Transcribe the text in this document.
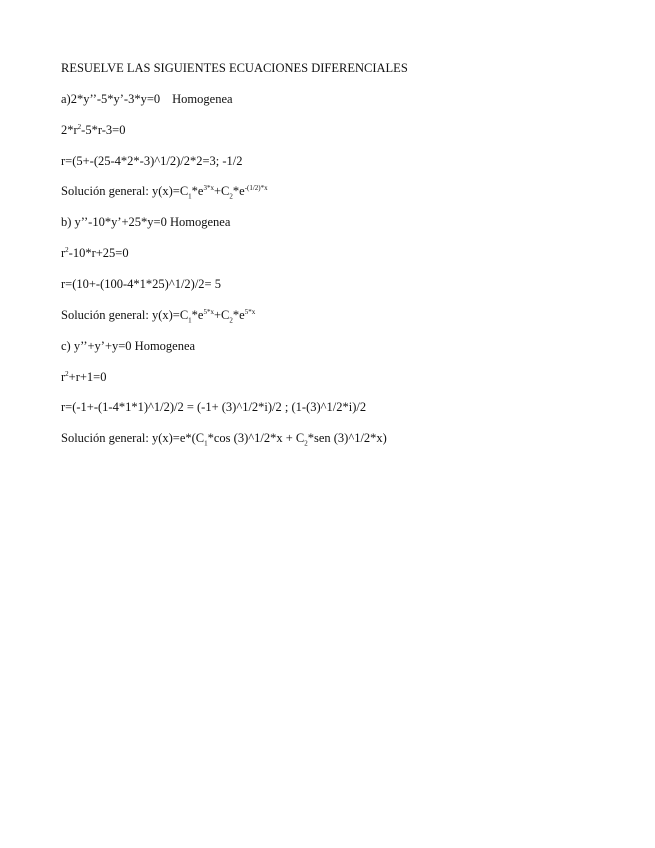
RESUELVE LAS SIGUIENTES ECUACIONES DIFERENCIALES
a)2*y’’-5*y’-3*y=0 Homogenea
$2*r^2-5*r-3=0$
r=(5+-(25-4*2*-3)^1/2)/2*2=3; -1/2
Solución general: $y(x)=C_1*e^{3*x}+C_2*e^{-(1/2)*x}$
b) y’’-10*y’+25*y=0 Homogenea
$r^2-10*r+25=0$
r=(10+-(100-4*1*25)^1/2)/2= 5
Solución general: $y(x)=C_1*e^{5*x}+C_2*e^{5*x}$
c) y’’+y’+y=0 Homogenea
$r^2+r+1=0$
r=(-1+-(1-4*1*1)^1/2)/2 = (-1+ (3)^1/2*i)/2 ; (1-(3)^1/2*i)/2
Solución general: $y(x)=e*(C_1*\cos$ (3)^1/2*x + $C_2*sen$ (3)^1/2*x)
